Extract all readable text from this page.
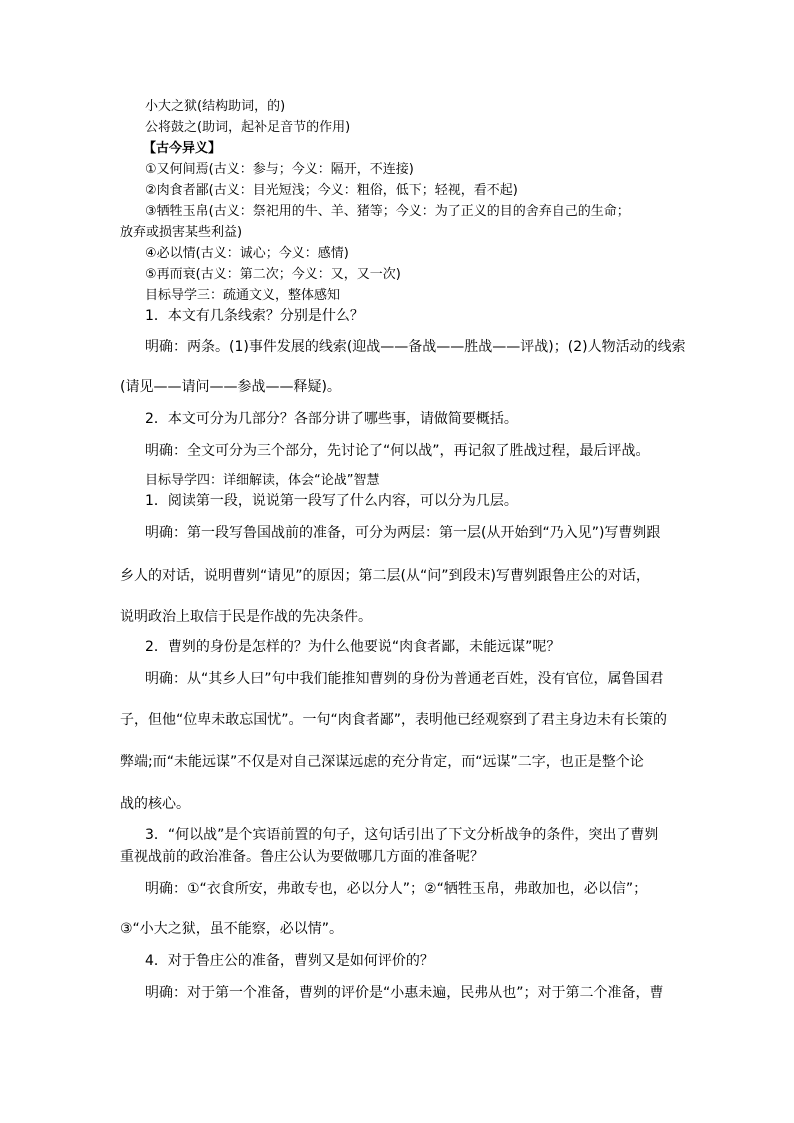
小大之狱(结构助词，的)
公将鼓之(助词，起补足音节的作用)
【古今异义】
①又何间焉(古义：参与；今义：隔开，不连接)
②肉食者鄙(古义：目光短浅；今义：粗俗，低下；轻视，看不起)
③牺牲玉帛(古义：祭祀用的牛、羊、猪等；今义：为了正义的目的舍弃自己的生命；
放弃或损害某些利益)
④必以情(古义：诚心；今义：感情)
⑤再而衰(古义：第二次；今义：又，又一次)
目标导学三：疏通文义，整体感知
1．本文有几条线索？分别是什么？
明确：两条。(1)事件发展的线索(迎战——备战——胜战——评战)；(2)人物活动的线索
(请见——请问——参战——释疑)。
2．本文可分为几部分？各部分讲了哪些事，请做简要概括。
明确：全文可分为三个部分，先讨论了“何以战”，再记叙了胜战过程，最后评战。
目标导学四：详细解读，体会“论战”智慧
1．阅读第一段，说说第一段写了什么内容，可以分为几层。
明确：第一段写鲁国战前的准备，可分为两层：第一层(从开始到“乃入见”)写曹刿跟
乡人的对话，说明曹刿“请见”的原因；第二层(从“问”到段末)写曹刿跟鲁庄公的对话，
说明政治上取信于民是作战的先决条件。
2．曹刿的身份是怎样的？为什么他要说“肉食者鄙，未能远谋”呢？
明确：从“其乡人曰”句中我们能推知曹刿的身份为普通老百姓，没有官位，属鲁国君
子，但他“位卑未敢忘国忧”。一句“肉食者鄙”，表明他已经观察到了君主身边未有长策的
弊端;而“未能远谋”不仅是对自己深谋远虑的充分肯定，而“远谋”二字，也正是整个论
战的核心。
3．“何以战”是个宾语前置的句子，这句话引出了下文分析战争的条件，突出了曹刿
重视战前的政治准备。鲁庄公认为要做哪几方面的准备呢？
明确：①“衣食所安，弗敢专也，必以分人”；②“牺牲玉帛，弗敢加也，必以信”；
③“小大之狱，虽不能察，必以情”。
4．对于鲁庄公的准备，曹刿又是如何评价的？
明确：对于第一个准备，曹刿的评价是“小惠未遍，民弗从也”；对于第二个准备，曹
